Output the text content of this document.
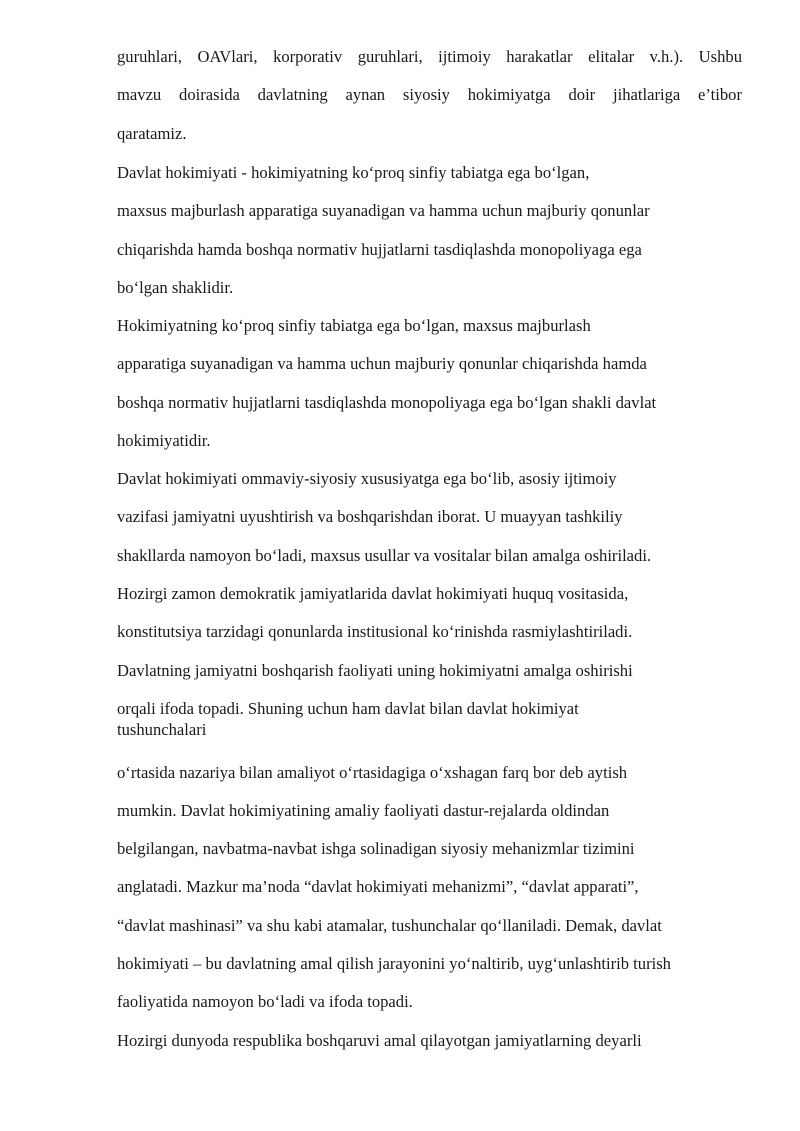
guruhlari, OAVlari, korporativ guruhlari, ijtimoiy harakatlar elitalar v.h.). Ushbu

mavzu doirasida davlatning aynan siyosiy hokimiyatga doir jihatlariga e’tibor

qaratamiz.

Davlat hokimiyati - hokimiyatning ko‘proq sinfiy tabiatga ega bo‘lgan,

maxsus majburlash apparatiga suyanadigan va hamma uchun majburiy qonunlar

chiqarishda hamda boshqa normativ hujjatlarni tasdiqlashda monopoliyaga ega

bo‘lgan shaklidir.

Hokimiyatning ko‘proq sinfiy tabiatga ega bo‘lgan, maxsus majburlash

apparatiga suyanadigan va hamma uchun majburiy qonunlar chiqarishda hamda

boshqa normativ hujjatlarni tasdiqlashda monopoliyaga ega bo‘lgan shakli davlat

hokimiyatidir.

Davlat hokimiyati ommaviy-siyosiy xususiyatga ega bo‘lib, asosiy ijtimoiy

vazifasi jamiyatni uyushtirish va boshqarishdan iborat. U muayyan tashkiliy

shakllarda namoyon bo‘ladi, maxsus usullar va vositalar bilan amalga oshiriladi.

Hozirgi zamon demokratik jamiyatlarida davlat hokimiyati huquq vositasida,

konstitutsiya tarzidagi qonunlarda institusional ko‘rinishda rasmiylashtiriladi.

Davlatning jamiyatni boshqarish faoliyati uning hokimiyatni amalga oshirishi

orqali ifoda topadi. Shuning uchun ham davlat bilan davlat hokimiyat

tushunchalari

o‘rtasida nazariya bilan amaliyot o‘rtasidagiga o‘xshagan farq bor deb aytish

mumkin. Davlat hokimiyatining amaliy faoliyati dastur-rejalarda oldindan

belgilangan, navbatma-navbat ishga solinadigan siyosiy mehanizmlar tizimini

anglatadi. Mazkur ma’noda “davlat hokimiyati mehanizmi”, “davlat apparati”,

“davlat mashinasi” va shu kabi atamalar, tushunchalar qo‘llaniladi. Demak, davlat

hokimiyati – bu davlatning amal qilish jarayonini yo‘naltirib, uyg‘unlashtirib turish

faoliyatida namoyon bo‘ladi va ifoda topadi.

Hozirgi dunyoda respublika boshqaruvi amal qilayotgan jamiyatlarning deyarli
